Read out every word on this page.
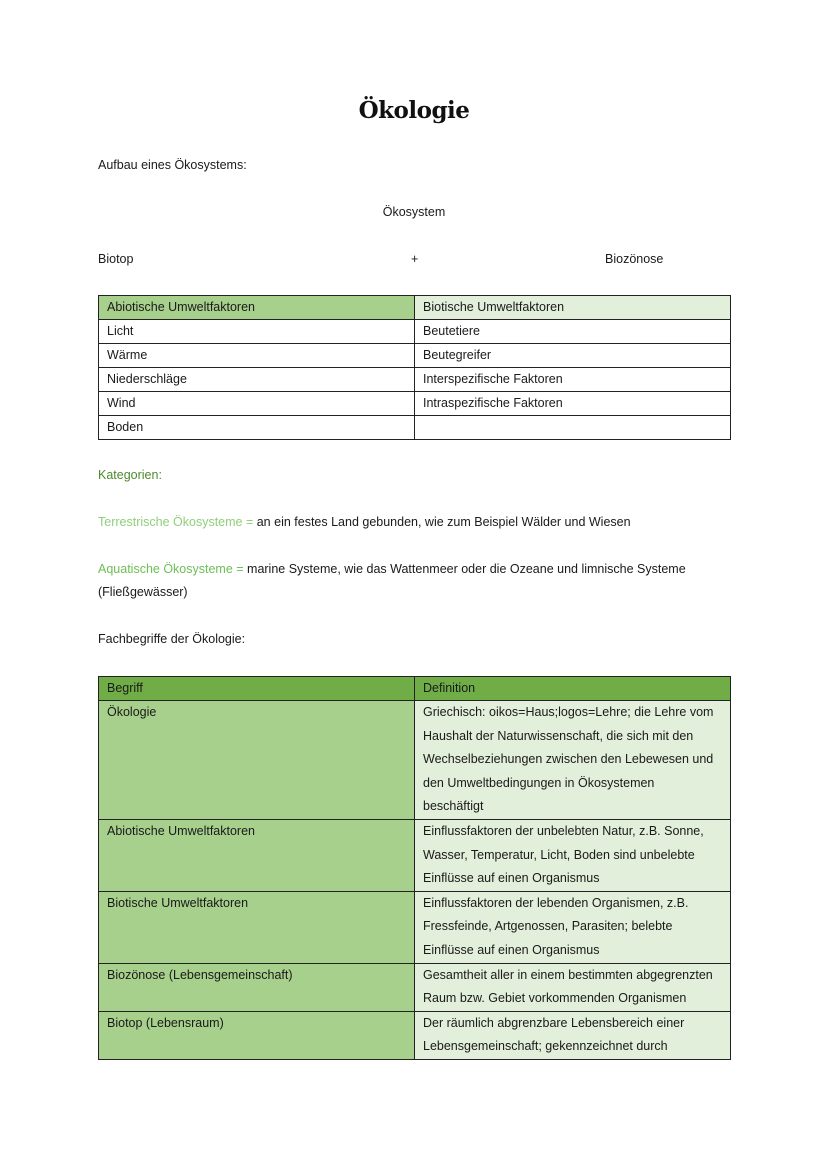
Ökologie
Aufbau eines Ökosystems:
Ökosystem
Biotop	+	Biozönose
Abiotische Umweltfaktoren	Biotische Umweltfaktoren
Licht	Beutetiere
Wärme	Beutegreifer
Niederschläge	Interspezifische Faktoren
Wind	Intraspezifische Faktoren
Boden	
Kategorien:
Terrestrische Ökosysteme = an ein festes Land gebunden, wie zum Beispiel Wälder und Wiesen
Aquatische Ökosysteme = marine Systeme, wie das Wattenmeer oder die Ozeane und limnische Systeme
(Fließgewässer)
Fachbegriffe der Ökologie:
Begriff	Definition
Ökologie	Griechisch: oikos=Haus;logos=Lehre; die Lehre vom
Haushalt der Naturwissenschaft, die sich mit den
Wechselbeziehungen zwischen den Lebewesen und
den Umweltbedingungen in Ökosystemen
beschäftigt

Abiotische Umweltfaktoren	Einflussfaktoren der unbelebten Natur, z.B. Sonne,
Wasser, Temperatur, Licht, Boden sind unbelebte
Einflüsse auf einen Organismus

Biotische Umweltfaktoren	Einflussfaktoren der lebenden Organismen, z.B.
Fressfeinde, Artgenossen, Parasiten; belebte
Einflüsse auf einen Organismus

Biozönose (Lebensgemeinschaft)	Gesamtheit aller in einem bestimmten abgegrenzten
Raum bzw. Gebiet vorkommenden Organismen

Biotop (Lebensraum)	Der räumlich abgrenzbare Lebensbereich einer
Lebensgemeinschaft; gekennzeichnet durch
